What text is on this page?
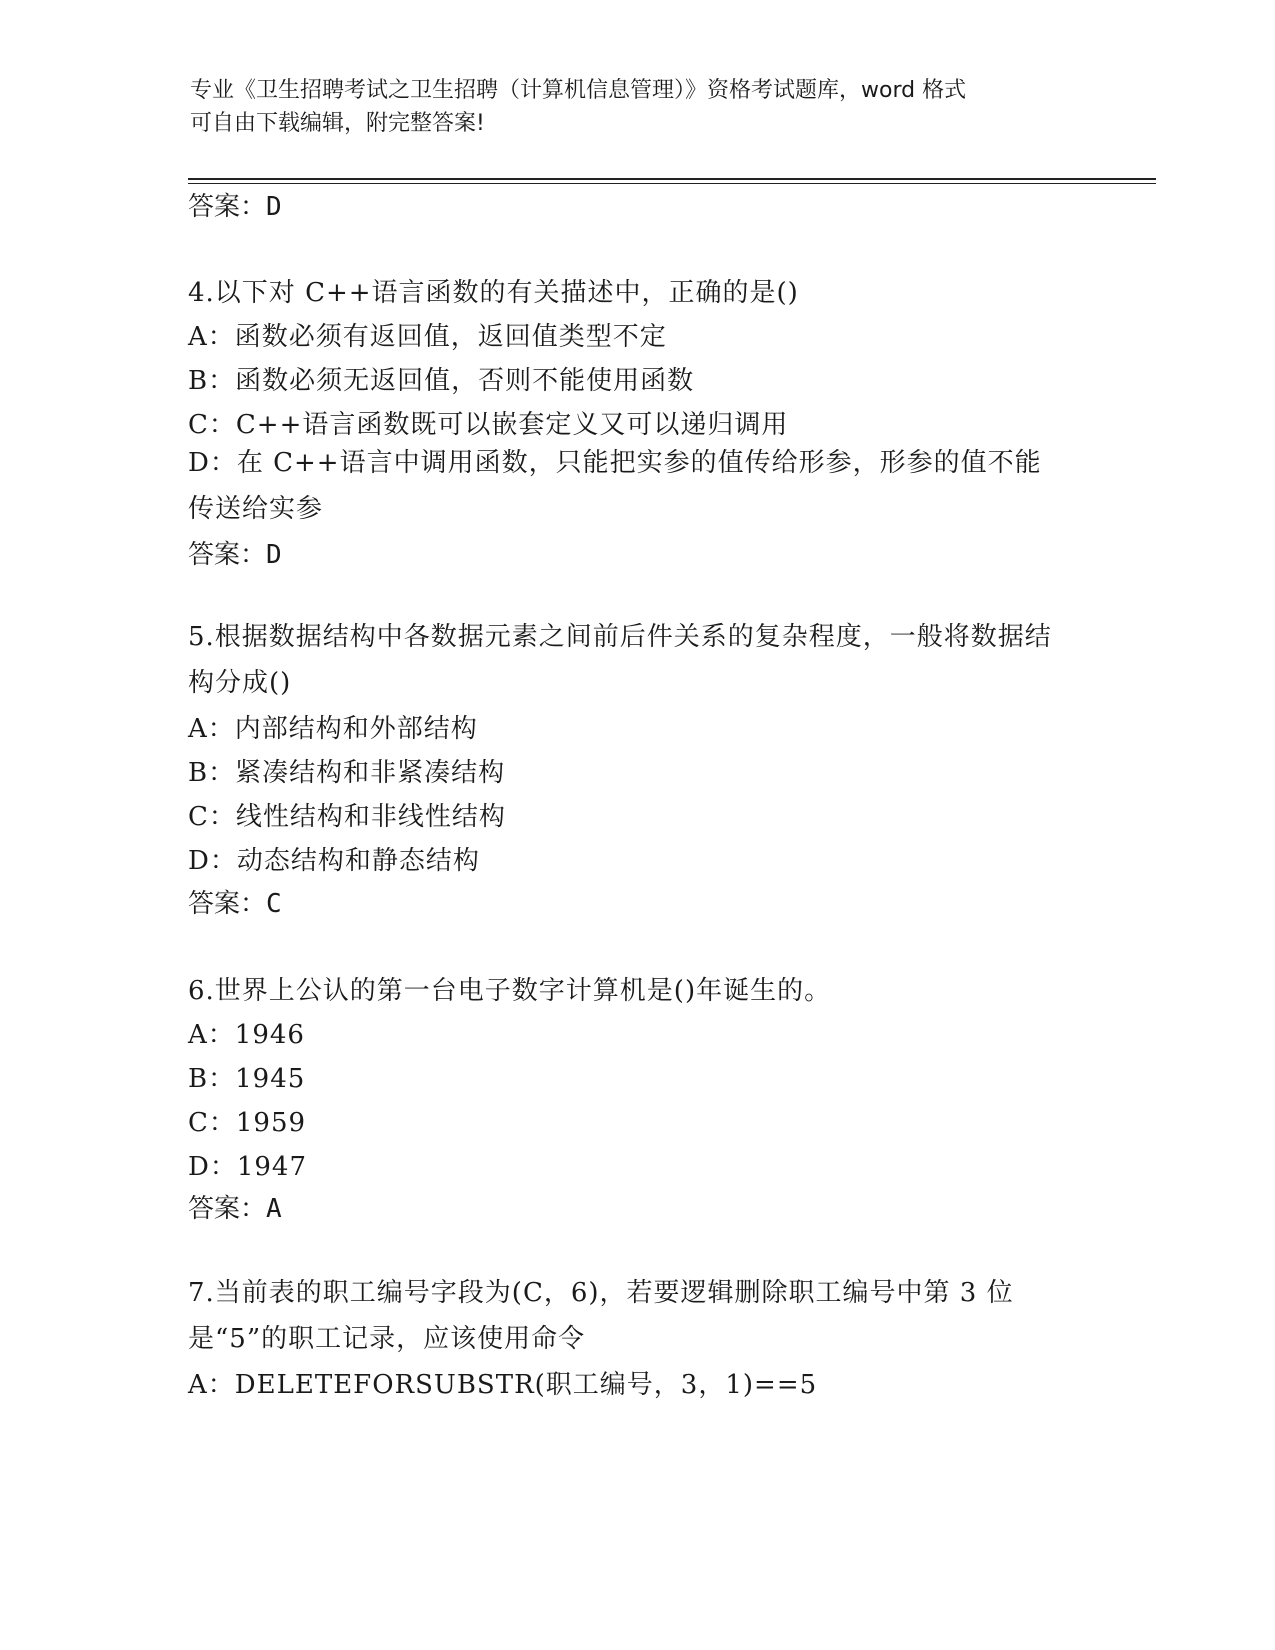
专业《卫生招聘考试之卫生招聘（计算机信息管理）》资格考试题库，word 格式
可自由下载编辑，附完整答案!
答案：D
4.以下对 C++语言函数的有关描述中，正确的是()
A：函数必须有返回值，返回值类型不定
B：函数必须无返回值，否则不能使用函数
C：C++语言函数既可以嵌套定义又可以递归调用
D：在 C++语言中调用函数，只能把实参的值传给形参，形参的值不能传送给实参
答案：D
5.根据数据结构中各数据元素之间前后件关系的复杂程度，一般将数据结构分成()
A：内部结构和外部结构
B：紧凑结构和非紧凑结构
C：线性结构和非线性结构
D：动态结构和静态结构
答案：C
6.世界上公认的第一台电子数字计算机是()年诞生的。
A：1946
B：1945
C：1959
D：1947
答案：A
7.当前表的职工编号字段为(C，6)，若要逻辑删除职工编号中第 3 位是“5”的职工记录，应该使用命令
A：DELETEFORSUBSTR(职工编号，3，1)==5
